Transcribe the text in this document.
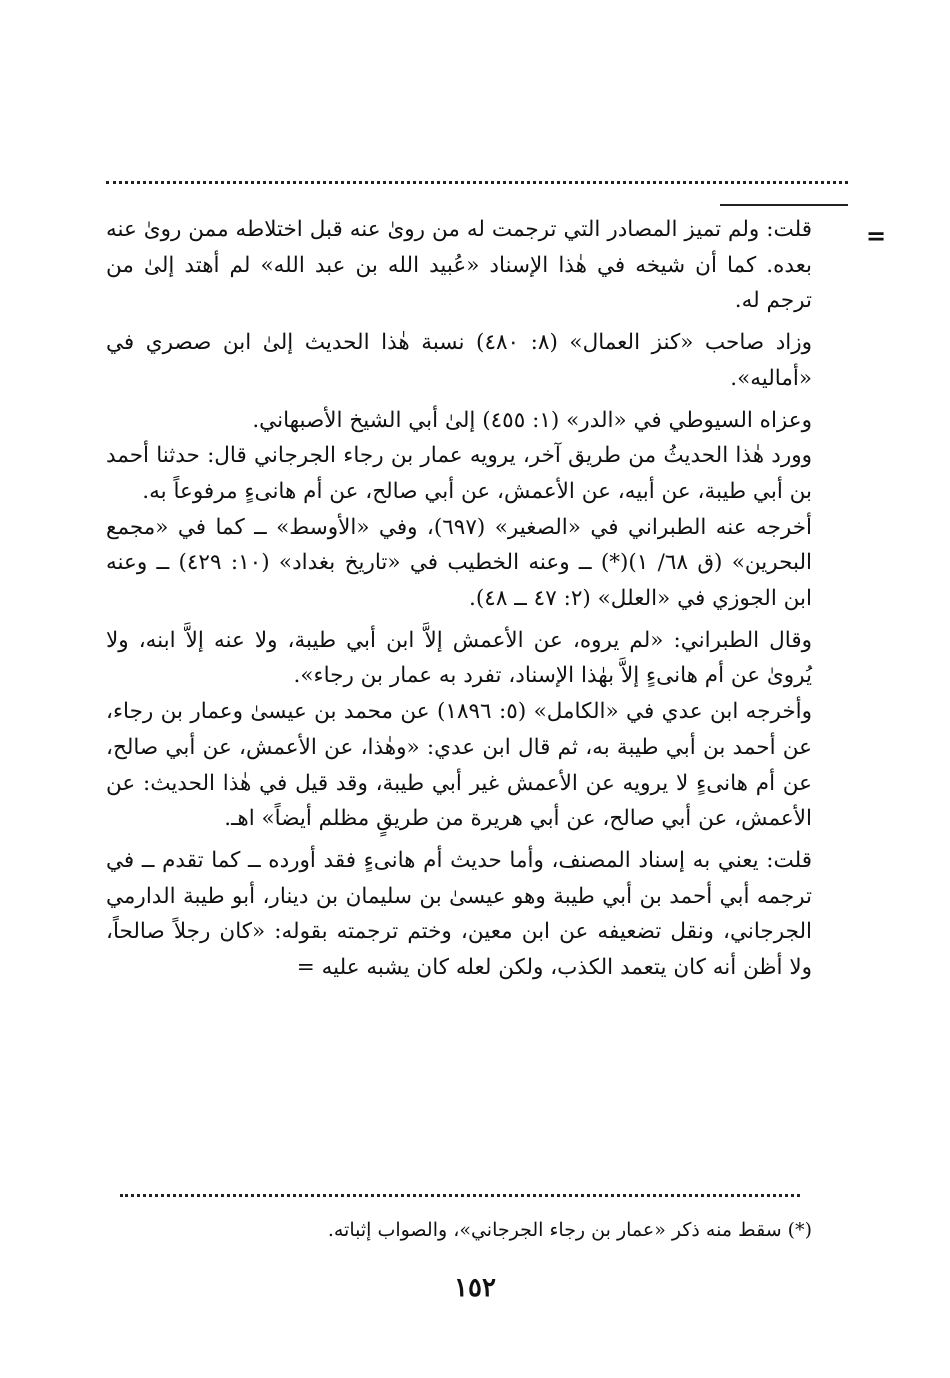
=

قلت: ولم تميز المصادر التي ترجمت له من روىٰ عنه قبل اختلاطه ممن روىٰ عنه بعده. كما أن شيخه في هٰذا الإسناد «عُبيد الله بن عبد الله» لم أهتد إلىٰ من ترجم له.

وزاد صاحب «كنز العمال» (٨: ٤٨٠) نسبة هٰذا الحديث إلىٰ ابن صصري في «أماليه».

وعزاه السيوطي في «الدر» (١: ٤٥٥) إلىٰ أبي الشيخ الأصبهاني.

وورد هٰذا الحديثُ من طريق آخر، يرويه عمار بن رجاء الجرجاني قال: حدثنا أحمد بن أبي طيبة، عن أبيه، عن الأعمش، عن أبي صالح، عن أم هانىءٍ مرفوعاً به.

أخرجه عنه الطبراني في «الصغير» (٦٩٧)، وفي «الأوسط» ــ كما في «مجمع البحرين» (ق ٦٨/ ١)(*) ــ وعنه الخطيب في «تاريخ بغداد» (١٠: ٤٢٩) ــ وعنه ابن الجوزي في «العلل» (٢: ٤٧ ــ ٤٨).

وقال الطبراني: «لم يروه، عن الأعمش إلاَّ ابن أبي طيبة، ولا عنه إلاَّ ابنه، ولا يُروىٰ عن أم هانىءٍ إلاَّ بهٰذا الإسناد، تفرد به عمار بن رجاء».

وأخرجه ابن عدي في «الكامل» (٥: ١٨٩٦) عن محمد بن عيسىٰ وعمار بن رجاء، عن أحمد بن أبي طيبة به، ثم قال ابن عدي: «وهٰذا، عن الأعمش، عن أبي صالح، عن أم هانىءٍ لا يرويه عن الأعمش غير أبي طيبة، وقد قيل في هٰذا الحديث: عن الأعمش، عن أبي صالح، عن أبي هريرة من طريقٍ مظلم أيضاً» اهـ.

قلت: يعني به إسناد المصنف، وأما حديث أم هانىءٍ فقد أورده ــ كما تقدم ــ في ترجمه أبي أحمد بن أبي طيبة وهو عيسىٰ بن سليمان بن دينار، أبو طيبة الدارمي الجرجاني، ونقل تضعيفه عن ابن معين، وختم ترجمته بقوله: «كان رجلاً صالحاً، ولا أظن أنه كان يتعمد الكذب، ولكن لعله كان يشبه عليه =

(*) سقط منه ذكر «عمار بن رجاء الجرجاني»، والصواب إثباته.
١٥٢
